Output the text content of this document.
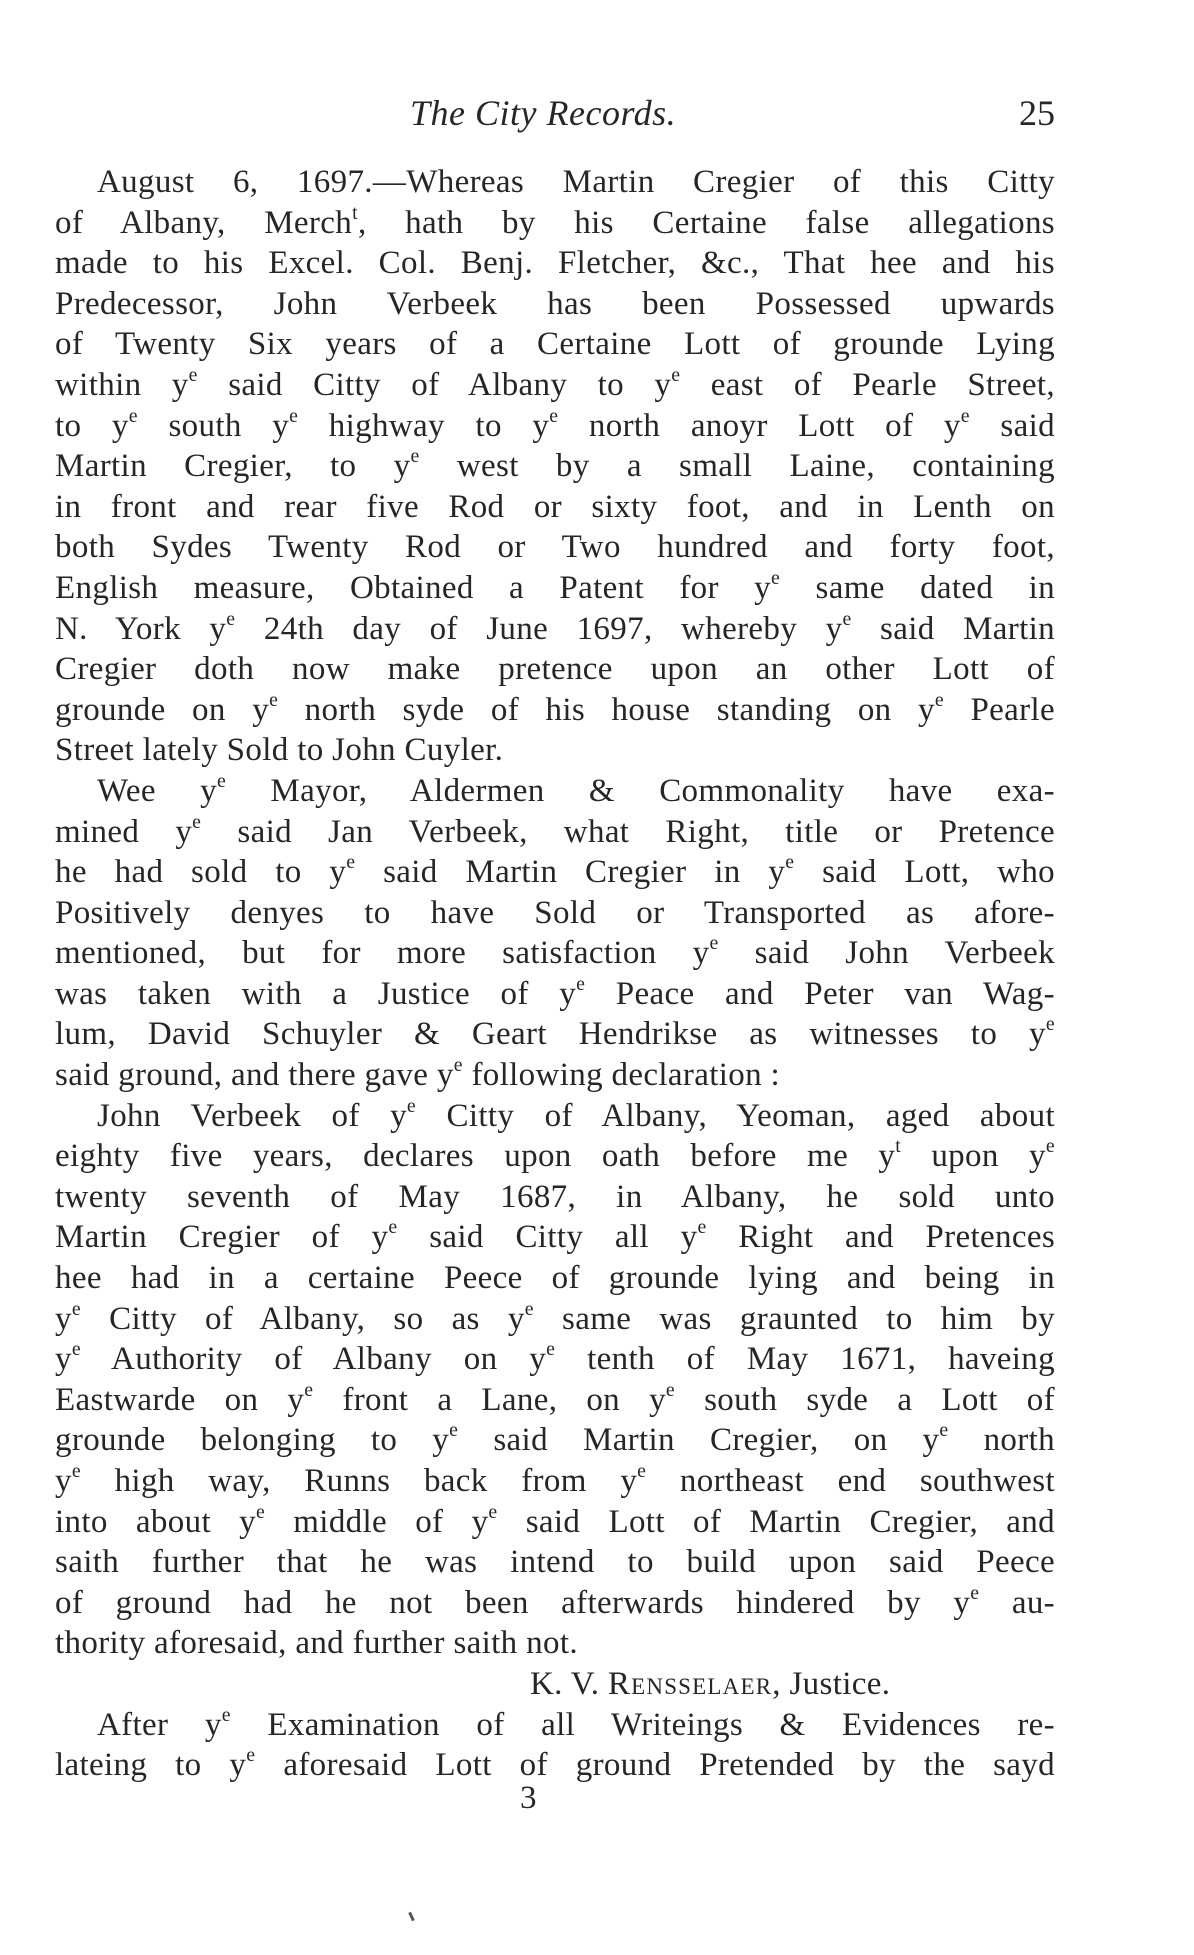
The City Records.	25
August 6, 1697.—Whereas Martin Cregier of this Citty
of Albany, Merch$^t$, hath by his Certaine false allegations
made to his Excel. Col. Benj. Fletcher, &c., That hee and his
Predecessor, John Verbeek has been Possessed upwards
of Twenty Six years of a Certaine Lott of grounde Lying
within $y^e$ said Citty of Albany to $y^e$ east of Pearle Street,
to $y^e$ south $y^e$ highway to $y^e$ north anoyr Lott of $y^e$ said
Martin Cregier, to $y^e$ west by a small Laine, containing
in front and rear five Rod or sixty foot, and in Lenth on
both Sydes Twenty Rod or Two hundred and forty foot,
English measure, Obtained a Patent for $y^e$ same dated in
N. York $y^e$ 24th day of June 1697, whereby $y^e$ said Martin
Cregier doth now make pretence upon an other Lott of
grounde on $y^e$ north syde of his house standing on $y^e$ Pearle
Street lately Sold to John Cuyler.
Wee $y^e$ Mayor, Aldermen & Commonality have exa-
mined $y^e$ said Jan Verbeek, what Right, title or Pretence
he had sold to $y^e$ said Martin Cregier in $y^e$ said Lott, who
Positively denyes to have Sold or Transported as afore-
mentioned, but for more satisfaction $y^e$ said John Verbeek
was taken with a Justice of $y^e$ Peace and Peter van Wag-
lum, David Schuyler & Geart Hendrikse as witnesses to $y^e$
said ground, and there gave $y^e$ following declaration :
John Verbeek of $y^e$ Citty of Albany, Yeoman, aged about
eighty five years, declares upon oath before me $y^t$ upon $y^e$
twenty seventh of May 1687, in Albany, he sold unto
Martin Cregier of $y^e$ said Citty all $y^e$ Right and Pretences
hee had in a certaine Peece of grounde lying and being in
$y^e$ Citty of Albany, so as $y^e$ same was graunted to him by
$y^e$ Authority of Albany on $y^e$ tenth of May 1671, haveing
Eastwarde on $y^e$ front a Lane, on $y^e$ south syde a Lott of
grounde belonging to $y^e$ said Martin Cregier, on $y^e$ north
$y^e$ high way, Runns back from $y^e$ northeast end southwest
into about $y^e$ middle of $y^e$ said Lott of Martin Cregier, and
saith further that he was intend to build upon said Peece
of ground had he not been afterwards hindered by $y^e$ au-
thority aforesaid, and further saith not.
K. V. Rensselaer, Justice.
After $y^e$ Examination of all Writeings & Evidences re-
lateing to $y^e$ aforesaid Lott of ground Pretended by the sayd
3
